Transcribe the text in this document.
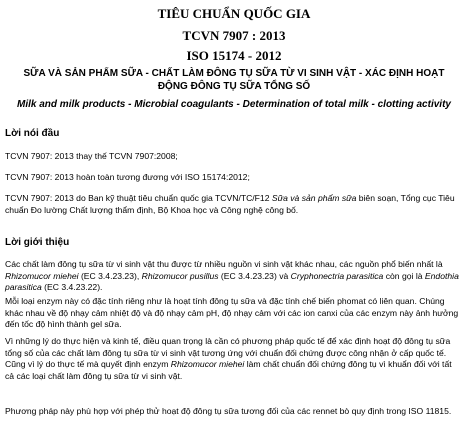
TIÊU CHUẨN QUỐC GIA
TCVN 7907 : 2013
ISO 15174 - 2012
SỮA VÀ SẢN PHẨM SỮA - CHẤT LÀM ĐÔNG TỤ SỮA TỪ VI SINH VẬT - XÁC ĐỊNH HOẠT ĐỘNG ĐÔNG TỤ SỮA TỔNG SỐ
Milk and milk products - Microbial coagulants - Determination of total milk - clotting activity
Lời nói đầu
TCVN 7907: 2013 thay thế TCVN 7907:2008;
TCVN 7907: 2013 hoàn toàn tương đương với ISO 15174:2012;
TCVN 7907: 2013 do Ban kỹ thuật tiêu chuẩn quốc gia TCVN/TC/F12 Sữa và sản phẩm sữa biên soạn, Tổng cục Tiêu chuẩn Đo lường Chất lượng thẩm định, Bộ Khoa học và Công nghệ công bố.
Lời giới thiệu
Các chất làm đông tụ sữa từ vi sinh vật thu được từ nhiều nguồn vi sinh vật khác nhau, các nguồn phổ biến nhất là Rhizomucor miehei (EC 3.4.23.23), Rhizomucor pusillus (EC 3.4.23.23) và Cryphonectria parasitica còn gọi là Endothia parasitica (EC 3.4.23.22).
Mỗi loại enzym này có đặc tính riêng như là hoạt tính đông tụ sữa và đặc tính chế biến phomat có liên quan. Chúng khác nhau về độ nhạy cảm nhiệt độ và độ nhạy cảm pH, độ nhạy cảm với các ion canxi của các enzym này ảnh hưởng đến tốc độ hình thành gel sữa.
Vì những lý do thực hiện và kinh tế, điều quan trọng là cần có phương pháp quốc tế để xác định hoạt độ đông tụ sữa tổng số của các chất làm đông tụ sữa từ vi sinh vật tương ứng với chuẩn đối chứng được công nhận ở cấp quốc tế. Cũng vì lý do thực tế mà quyết định enzym Rhizomucor miehei làm chất chuẩn đối chứng đông tụ vì khuẩn đối với tất cả các loại chất làm đông tụ sữa từ vi sinh vật.
Phương pháp này phù hợp với phép thử hoạt độ đông tụ sữa tương đối của các rennet bò quy định trong ISO 11815.
